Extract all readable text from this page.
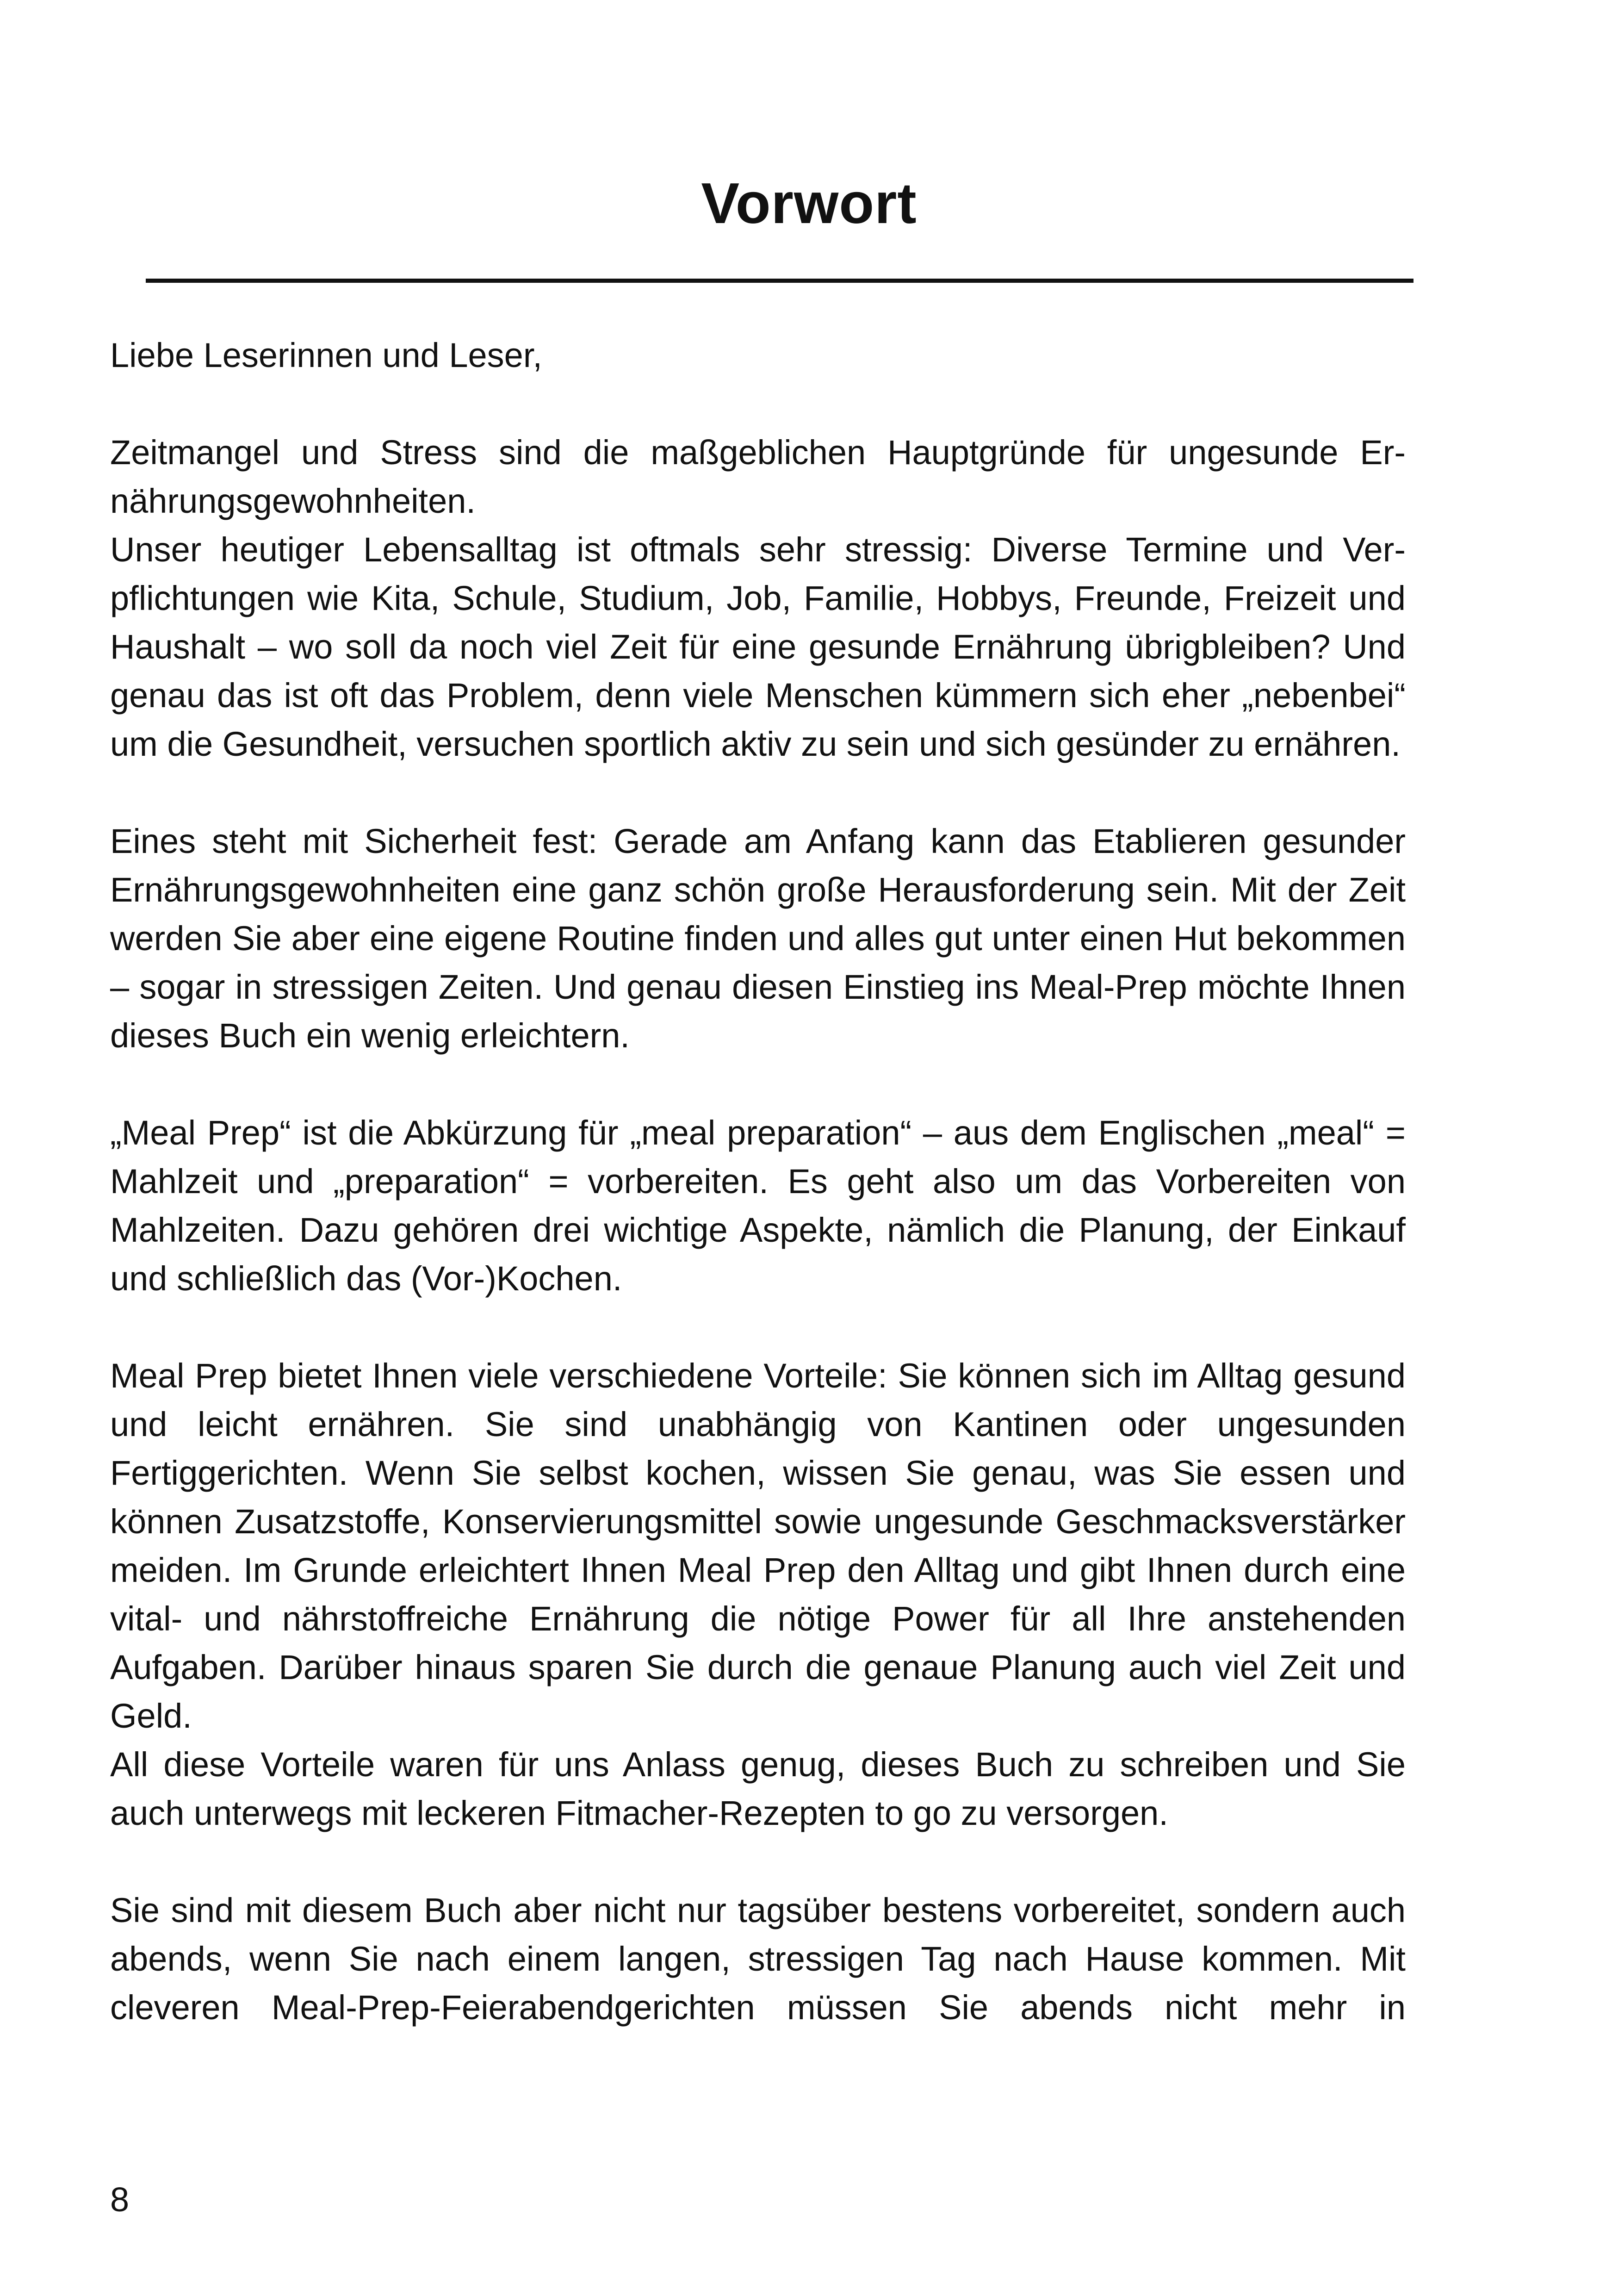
Vorwort

Liebe Leserinnen und Leser,

Zeitmangel und Stress sind die maßgeblichen Hauptgründe für ungesunde Ernährungsgewohnheiten.

Unser heutiger Lebensalltag ist oftmals sehr stressig: Diverse Termine und Verpflichtungen wie Kita, Schule, Studium, Job, Familie, Hobbys, Freunde, Freizeit und Haushalt – wo soll da noch viel Zeit für eine gesunde Ernährung übrigbleiben? Und genau das ist oft das Problem, denn viele Menschen kümmern sich eher „nebenbei“ um die Gesundheit, versuchen sportlich aktiv zu sein und sich gesünder zu ernähren.

Eines steht mit Sicherheit fest: Gerade am Anfang kann das Etablieren gesunder Ernährungsgewohnheiten eine ganz schön große Herausforderung sein. Mit der Zeit werden Sie aber eine eigene Routine finden und alles gut unter einen Hut bekommen – sogar in stressigen Zeiten. Und genau diesen Einstieg ins Meal-Prep möchte Ihnen dieses Buch ein wenig erleichtern.

„Meal Prep“ ist die Abkürzung für „meal preparation“ – aus dem Englischen „meal“ = Mahlzeit und „preparation“ = vorbereiten. Es geht also um das Vorbereiten von Mahlzeiten. Dazu gehören drei wichtige Aspekte, nämlich die Planung, der Einkauf und schließlich das (Vor-)Kochen.

Meal Prep bietet Ihnen viele verschiedene Vorteile: Sie können sich im Alltag gesund und leicht ernähren. Sie sind unabhängig von Kantinen oder ungesunden Fertiggerichten. Wenn Sie selbst kochen, wissen Sie genau, was Sie essen und können Zusatzstoffe, Konservierungsmittel sowie ungesunde Geschmacksverstärker meiden. Im Grunde erleichtert Ihnen Meal Prep den Alltag und gibt Ihnen durch eine vital- und nährstoffreiche Ernährung die nötige Power für all Ihre anstehenden Aufgaben. Darüber hinaus sparen Sie durch die genaue Planung auch viel Zeit und Geld.

All diese Vorteile waren für uns Anlass genug, dieses Buch zu schreiben und Sie auch unterwegs mit leckeren Fitmacher-Rezepten to go zu versorgen.

Sie sind mit diesem Buch aber nicht nur tagsüber bestens vorbereitet, sondern auch abends, wenn Sie nach einem langen, stressigen Tag nach Hause kommen. Mit cleveren Meal-Prep-Feierabendgerichten müssen Sie abends nicht mehr in

8
